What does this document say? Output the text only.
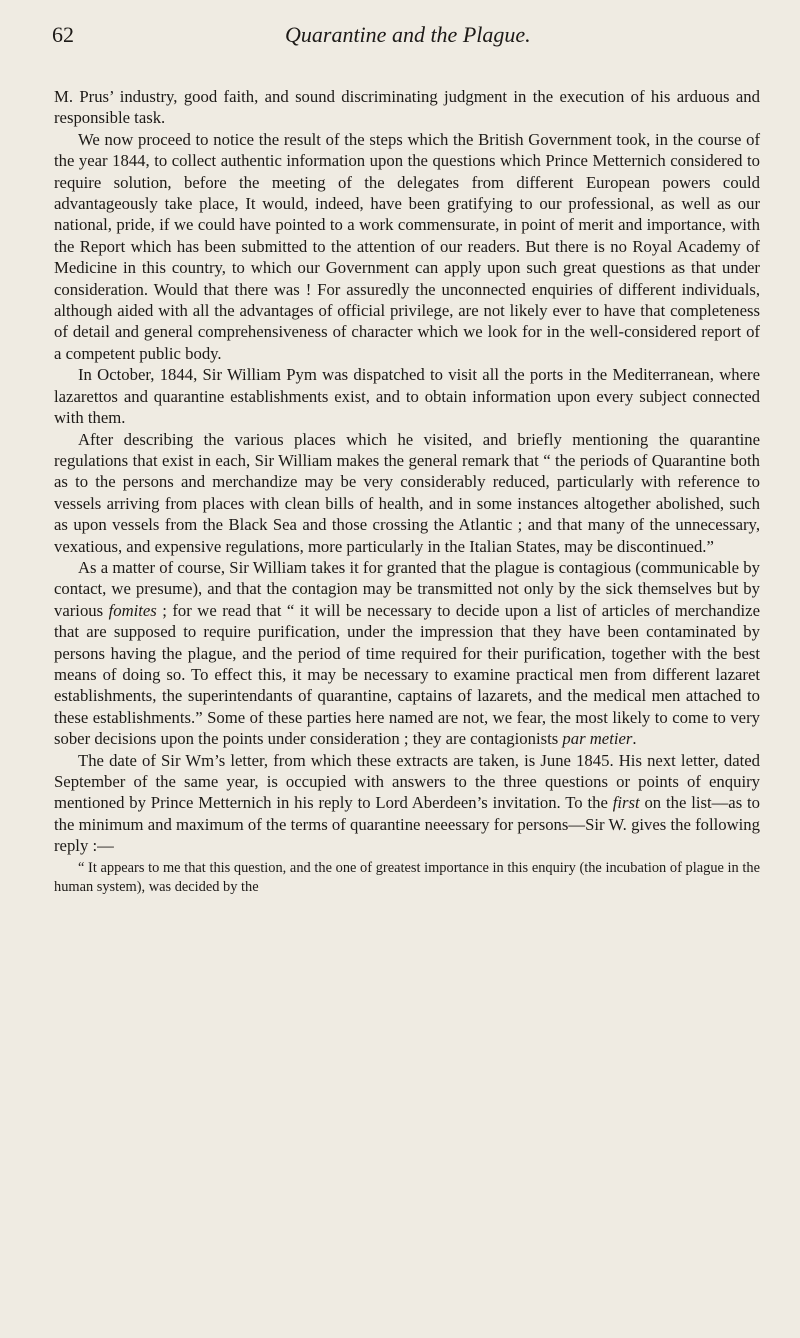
62	Quarantine and the Plague.

M. Prus’ industry, good faith, and sound discriminating judgment in the execution of his arduous and responsible task.

We now proceed to notice the result of the steps which the British Government took, in the course of the year 1844, to collect authentic information upon the questions which Prince Metternich considered to require solution, before the meeting of the delegates from different European powers could advantageously take place, It would, indeed, have been gratifying to our professional, as well as our national, pride, if we could have pointed to a work commensurate, in point of merit and importance, with the Report which has been submitted to the attention of our readers. But there is no Royal Academy of Medicine in this country, to which our Government can apply upon such great questions as that under consideration. Would that there was ! For assuredly the unconnected enquiries of different individuals, although aided with all the advantages of official privilege, are not likely ever to have that completeness of detail and general comprehensiveness of character which we look for in the well-considered report of a competent public body.

In October, 1844, Sir William Pym was dispatched to visit all the ports in the Mediterranean, where lazarettos and quarantine establishments exist, and to obtain information upon every subject connected with them.

After describing the various places which he visited, and briefly mentioning the quarantine regulations that exist in each, Sir William makes the general remark that “ the periods of Quarantine both as to the persons and merchandize may be very considerably reduced, particularly with reference to vessels arriving from places with clean bills of health, and in some instances altogether abolished, such as upon vessels from the Black Sea and those crossing the Atlantic ; and that many of the unnecessary, vexatious, and expensive regulations, more particularly in the Italian States, may be discontinued.”

As a matter of course, Sir William takes it for granted that the plague is contagious (communicable by contact, we presume), and that the contagion may be transmitted not only by the sick themselves but by various fomites ; for we read that “ it will be necessary to decide upon a list of articles of merchandize that are supposed to require purification, under the impression that they have been contaminated by persons having the plague, and the period of time required for their purification, together with the best means of doing so. To effect this, it may be necessary to examine practical men from different lazaret establishments, the superintendants of quarantine, captains of lazarets, and the medical men attached to these establishments.” Some of these parties here named are not, we fear, the most likely to come to very sober decisions upon the points under consideration ; they are contagionists par metier.

The date of Sir Wm’s letter, from which these extracts are taken, is June 1845. His next letter, dated September of the same year, is occupied with answers to the three questions or points of enquiry mentioned by Prince Metternich in his reply to Lord Aberdeen’s invitation. To the first on the list—as to the minimum and maximum of the terms of quarantine neeessary for persons—Sir W. gives the following reply :—

“ It appears to me that this question, and the one of greatest importance in this enquiry (the incubation of plague in the human system), was decided by the
